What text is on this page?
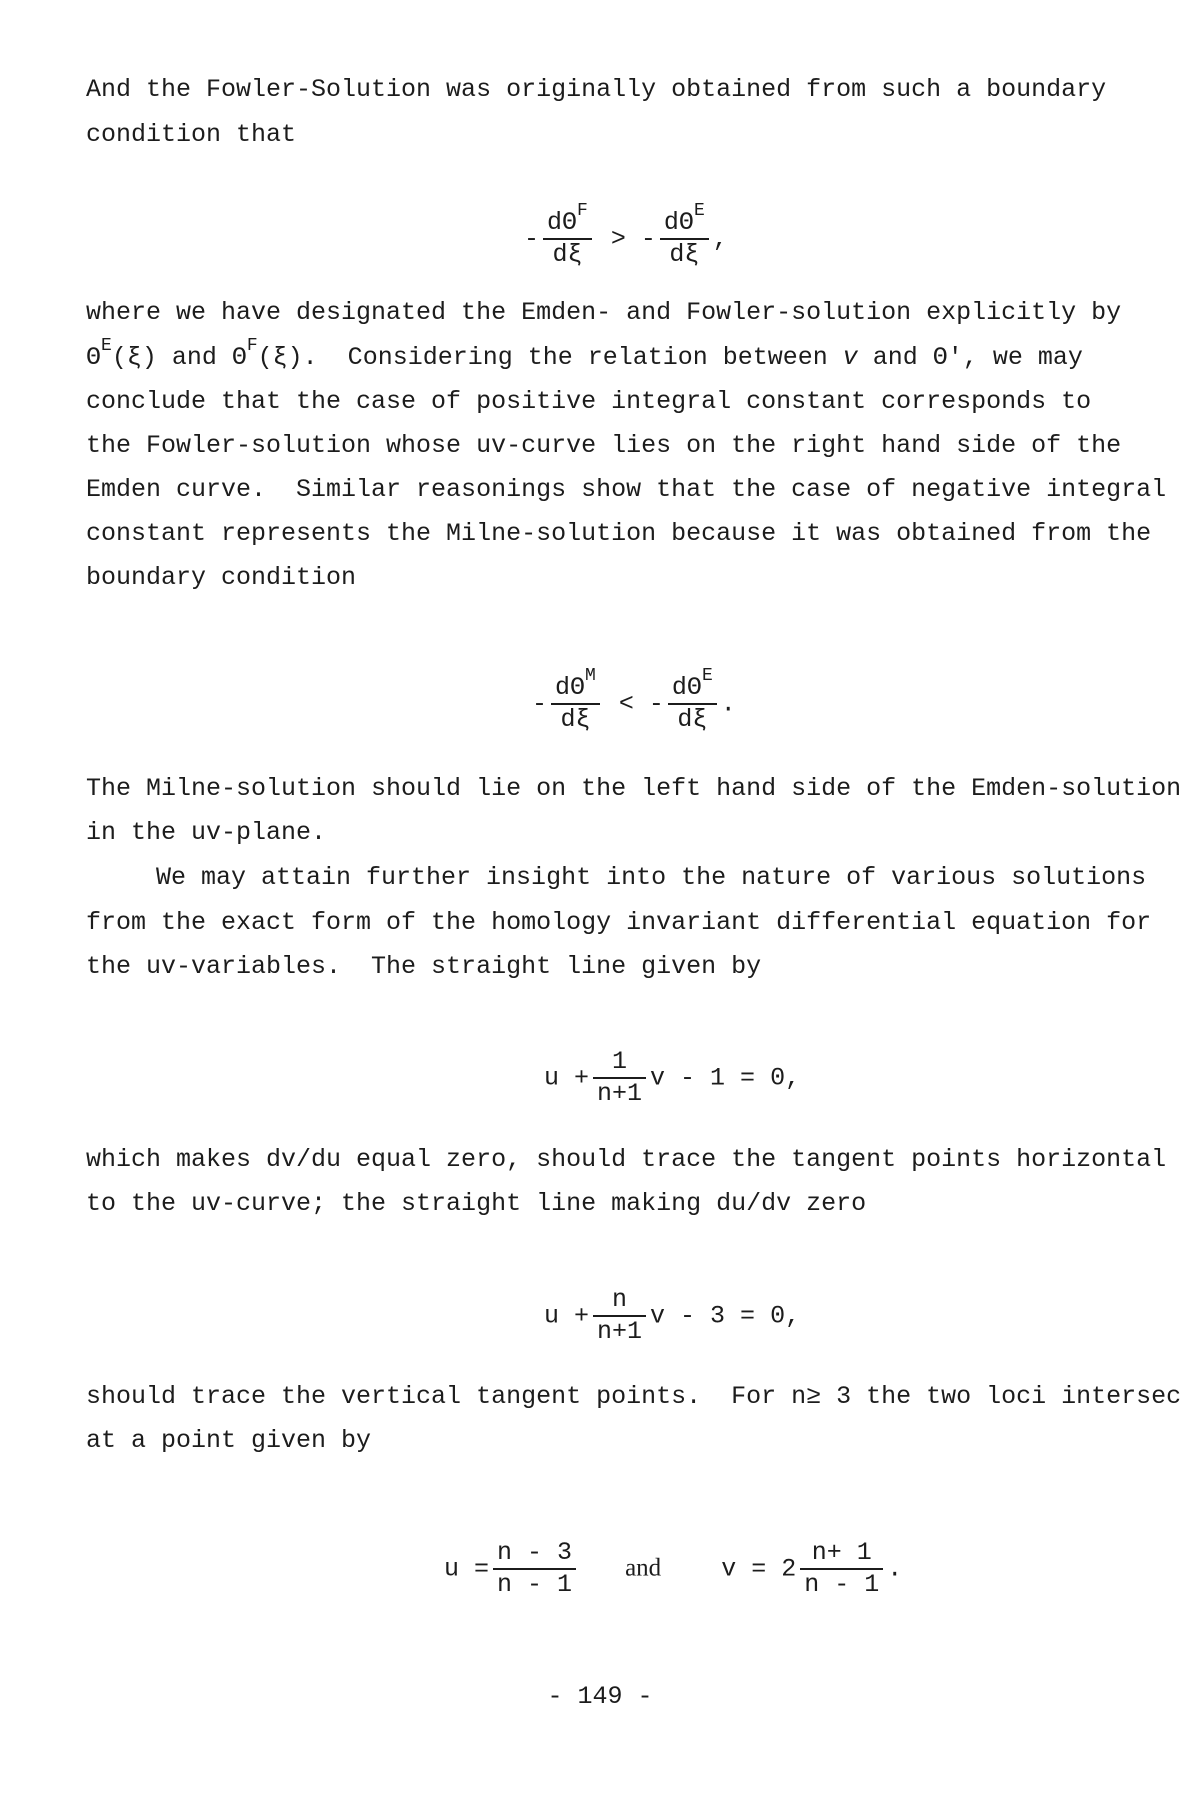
And the Fowler-Solution was originally obtained from such a boundary
condition that

- $\frac{d\Theta^F}{d\xi}$ > - $\frac{d\Theta^E}{d\xi}$ ,

where we have designated the Emden- and Fowler-solution explicitly by
$\Theta^E(\xi)$ and $\Theta^F(\xi)$.  Considering the relation between v and Θ', we may
conclude that the case of positive integral constant corresponds to
the Fowler-solution whose uv-curve lies on the right hand side of the
Emden curve.  Similar reasonings show that the case of negative integral
constant represents the Milne-solution because it was obtained from the
boundary condition

- $\frac{d\Theta^M}{d\xi}$ < - $\frac{d\Theta^E}{d\xi}$ .

The Milne-solution should lie on the left hand side of the Emden-solution
in the uv-plane.
We may attain further insight into the nature of various solutions
from the exact form of the homology invariant differential equation for
the uv-variables.  The straight line given by

$u + \frac{1}{n+1}$ v - 1 = 0,

which makes dv/du equal zero, should trace the tangent points horizontal
to the uv-curve; the straight line making du/dv zero

$u + \frac{n}{n+1}$ v - 3 = 0,

should trace the vertical tangent points.  For n≥ 3 the two loci intersec
at a point given by

$u = \frac{n - 3}{n - 1}$ and $v = 2 \frac{n+ 1}{n - 1}$ .

- 149 -
